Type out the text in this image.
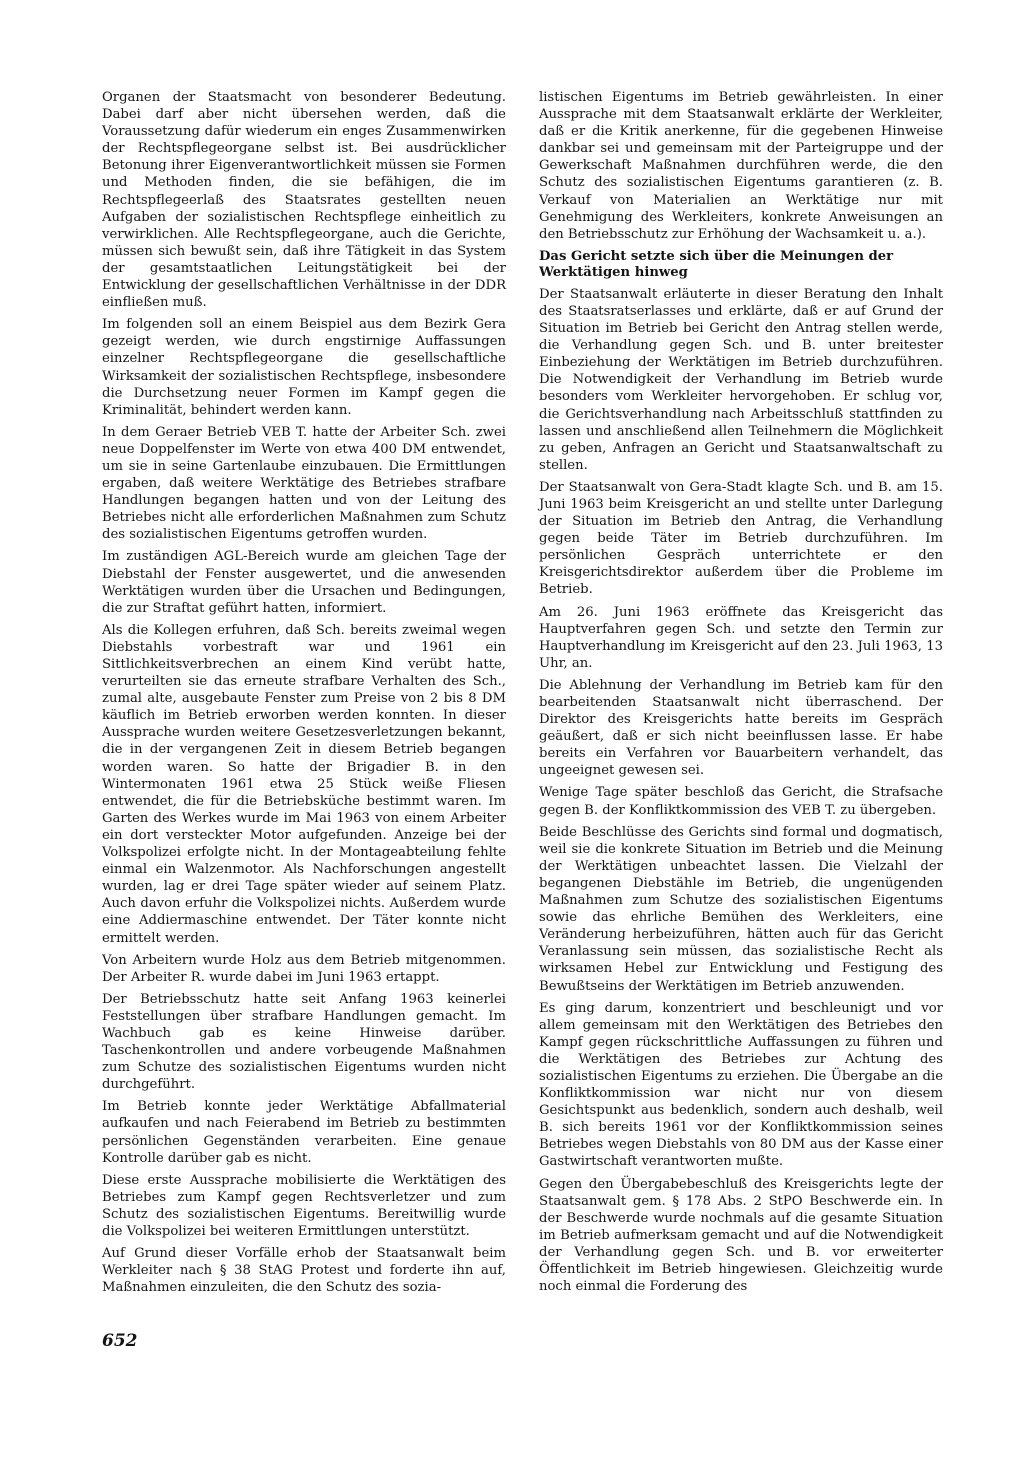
Organen der Staatsmacht von besonderer Bedeutung. Dabei darf aber nicht übersehen werden, daß die Voraussetzung dafür wiederum ein enges Zusammenwirken der Rechtspflegeorgane selbst ist. Bei ausdrücklicher Betonung ihrer Eigenverantwortlichkeit müssen sie Formen und Methoden finden, die sie befähigen, die im Rechtspflegeerlaß des Staatsrates gestellten neuen Aufgaben der sozialistischen Rechtspflege einheitlich zu verwirklichen. Alle Rechtspflegeorgane, auch die Gerichte, müssen sich bewußt sein, daß ihre Tätigkeit in das System der gesamtstaatlichen Leitungstätigkeit bei der Entwicklung der gesellschaftlichen Verhältnisse in der DDR einfließen muß.

Im folgenden soll an einem Beispiel aus dem Bezirk Gera gezeigt werden, wie durch engstirnige Auffassungen einzelner Rechtspflegeorgane die gesellschaftliche Wirksamkeit der sozialistischen Rechtspflege, insbesondere die Durchsetzung neuer Formen im Kampf gegen die Kriminalität, behindert werden kann.

In dem Geraer Betrieb VEB T. hatte der Arbeiter Sch. zwei neue Doppelfenster im Werte von etwa 400 DM entwendet, um sie in seine Gartenlaube einzubauen. Die Ermittlungen ergaben, daß weitere Werktätige des Betriebes strafbare Handlungen begangen hatten und von der Leitung des Betriebes nicht alle erforderlichen Maßnahmen zum Schutz des sozialistischen Eigentums getroffen wurden.

Im zuständigen AGL-Bereich wurde am gleichen Tage der Diebstahl der Fenster ausgewertet, und die anwesenden Werktätigen wurden über die Ursachen und Bedingungen, die zur Straftat geführt hatten, informiert.

Als die Kollegen erfuhren, daß Sch. bereits zweimal wegen Diebstahls vorbestraft war und 1961 ein Sittlichkeitsverbrechen an einem Kind verübt hatte, verurteilten sie das erneute strafbare Verhalten des Sch., zumal alte, ausgebaute Fenster zum Preise von 2 bis 8 DM käuflich im Betrieb erworben werden konnten. In dieser Aussprache wurden weitere Gesetzesverletzungen bekannt, die in der vergangenen Zeit in diesem Betrieb begangen worden waren. So hatte der Brigadier B. in den Wintermonaten 1961 etwa 25 Stück weiße Fliesen entwendet, die für die Betriebsküche bestimmt waren. Im Garten des Werkes wurde im Mai 1963 von einem Arbeiter ein dort versteckter Motor aufgefunden. Anzeige bei der Volkspolizei erfolgte nicht. In der Montageabteilung fehlte einmal ein Walzenmotor. Als Nachforschungen angestellt wurden, lag er drei Tage später wieder auf seinem Platz. Auch davon erfuhr die Volkspolizei nichts. Außerdem wurde eine Addiermaschine entwendet. Der Täter konnte nicht ermittelt werden.

Von Arbeitern wurde Holz aus dem Betrieb mitgenommen. Der Arbeiter R. wurde dabei im Juni 1963 ertappt.

Der Betriebsschutz hatte seit Anfang 1963 keinerlei Feststellungen über strafbare Handlungen gemacht. Im Wachbuch gab es keine Hinweise darüber. Taschenkontrollen und andere vorbeugende Maßnahmen zum Schutze des sozialistischen Eigentums wurden nicht durchgeführt.

Im Betrieb konnte jeder Werktätige Abfallmaterial aufkaufen und nach Feierabend im Betrieb zu bestimmten persönlichen Gegenständen verarbeiten. Eine genaue Kontrolle darüber gab es nicht.

Diese erste Aussprache mobilisierte die Werktätigen des Betriebes zum Kampf gegen Rechtsverletzer und zum Schutz des sozialistischen Eigentums. Bereitwillig wurde die Volkspolizei bei weiteren Ermittlungen unterstützt.

Auf Grund dieser Vorfälle erhob der Staatsanwalt beim Werkleiter nach § 38 StAG Protest und forderte ihn auf, Maßnahmen einzuleiten, die den Schutz des sozia-

listischen Eigentums im Betrieb gewährleisten. In einer Aussprache mit dem Staatsanwalt erklärte der Werkleiter, daß er die Kritik anerkenne, für die gegebenen Hinweise dankbar sei und gemeinsam mit der Parteigruppe und der Gewerkschaft Maßnahmen durchführen werde, die den Schutz des sozialistischen Eigentums garantieren (z. B. Verkauf von Materialien an Werktätige nur mit Genehmigung des Werkleiters, konkrete Anweisungen an den Betriebsschutz zur Erhöhung der Wachsamkeit u. a.).

Das Gericht setzte sich über die Meinungen der Werktätigen hinweg

Der Staatsanwalt erläuterte in dieser Beratung den Inhalt des Staatsratserlasses und erklärte, daß er auf Grund der Situation im Betrieb bei Gericht den Antrag stellen werde, die Verhandlung gegen Sch. und B. unter breitester Einbeziehung der Werktätigen im Betrieb durchzuführen. Die Notwendigkeit der Verhandlung im Betrieb wurde besonders vom Werkleiter hervorgehoben. Er schlug vor, die Gerichtsverhandlung nach Arbeitsschluß stattfinden zu lassen und anschließend allen Teilnehmern die Möglichkeit zu geben, Anfragen an Gericht und Staatsanwaltschaft zu stellen.

Der Staatsanwalt von Gera-Stadt klagte Sch. und B. am 15. Juni 1963 beim Kreisgericht an und stellte unter Darlegung der Situation im Betrieb den Antrag, die Verhandlung gegen beide Täter im Betrieb durchzuführen. Im persönlichen Gespräch unterrichtete er den Kreisgerichtsdirektor außerdem über die Probleme im Betrieb.

Am 26. Juni 1963 eröffnete das Kreisgericht das Hauptverfahren gegen Sch. und setzte den Termin zur Hauptverhandlung im Kreisgericht auf den 23. Juli 1963, 13 Uhr, an.

Die Ablehnung der Verhandlung im Betrieb kam für den bearbeitenden Staatsanwalt nicht überraschend. Der Direktor des Kreisgerichts hatte bereits im Gespräch geäußert, daß er sich nicht beeinflussen lasse. Er habe bereits ein Verfahren vor Bauarbeitern verhandelt, das ungeeignet gewesen sei.

Wenige Tage später beschloß das Gericht, die Strafsache gegen B. der Konfliktkommission des VEB T. zu übergeben.

Beide Beschlüsse des Gerichts sind formal und dogmatisch, weil sie die konkrete Situation im Betrieb und die Meinung der Werktätigen unbeachtet lassen. Die Vielzahl der begangenen Diebstähle im Betrieb, die ungenügenden Maßnahmen zum Schutze des sozialistischen Eigentums sowie das ehrliche Bemühen des Werkleiters, eine Veränderung herbeizuführen, hätten auch für das Gericht Veranlassung sein müssen, das sozialistische Recht als wirksamen Hebel zur Entwicklung und Festigung des Bewußtseins der Werktätigen im Betrieb anzuwenden.

Es ging darum, konzentriert und beschleunigt und vor allem gemeinsam mit den Werktätigen des Betriebes den Kampf gegen rückschrittliche Auffassungen zu führen und die Werktätigen des Betriebes zur Achtung des sozialistischen Eigentums zu erziehen. Die Übergabe an die Konfliktkommission war nicht nur von diesem Gesichtspunkt aus bedenklich, sondern auch deshalb, weil B. sich bereits 1961 vor der Konfliktkommission seines Betriebes wegen Diebstahls von 80 DM aus der Kasse einer Gastwirtschaft verantworten mußte.

Gegen den Übergabebeschluß des Kreisgerichts legte der Staatsanwalt gem. § 178 Abs. 2 StPO Beschwerde ein. In der Beschwerde wurde nochmals auf die gesamte Situation im Betrieb aufmerksam gemacht und auf die Notwendigkeit der Verhandlung gegen Sch. und B. vor erweiterter Öffentlichkeit im Betrieb hingewiesen. Gleichzeitig wurde noch einmal die Forderung des

652
